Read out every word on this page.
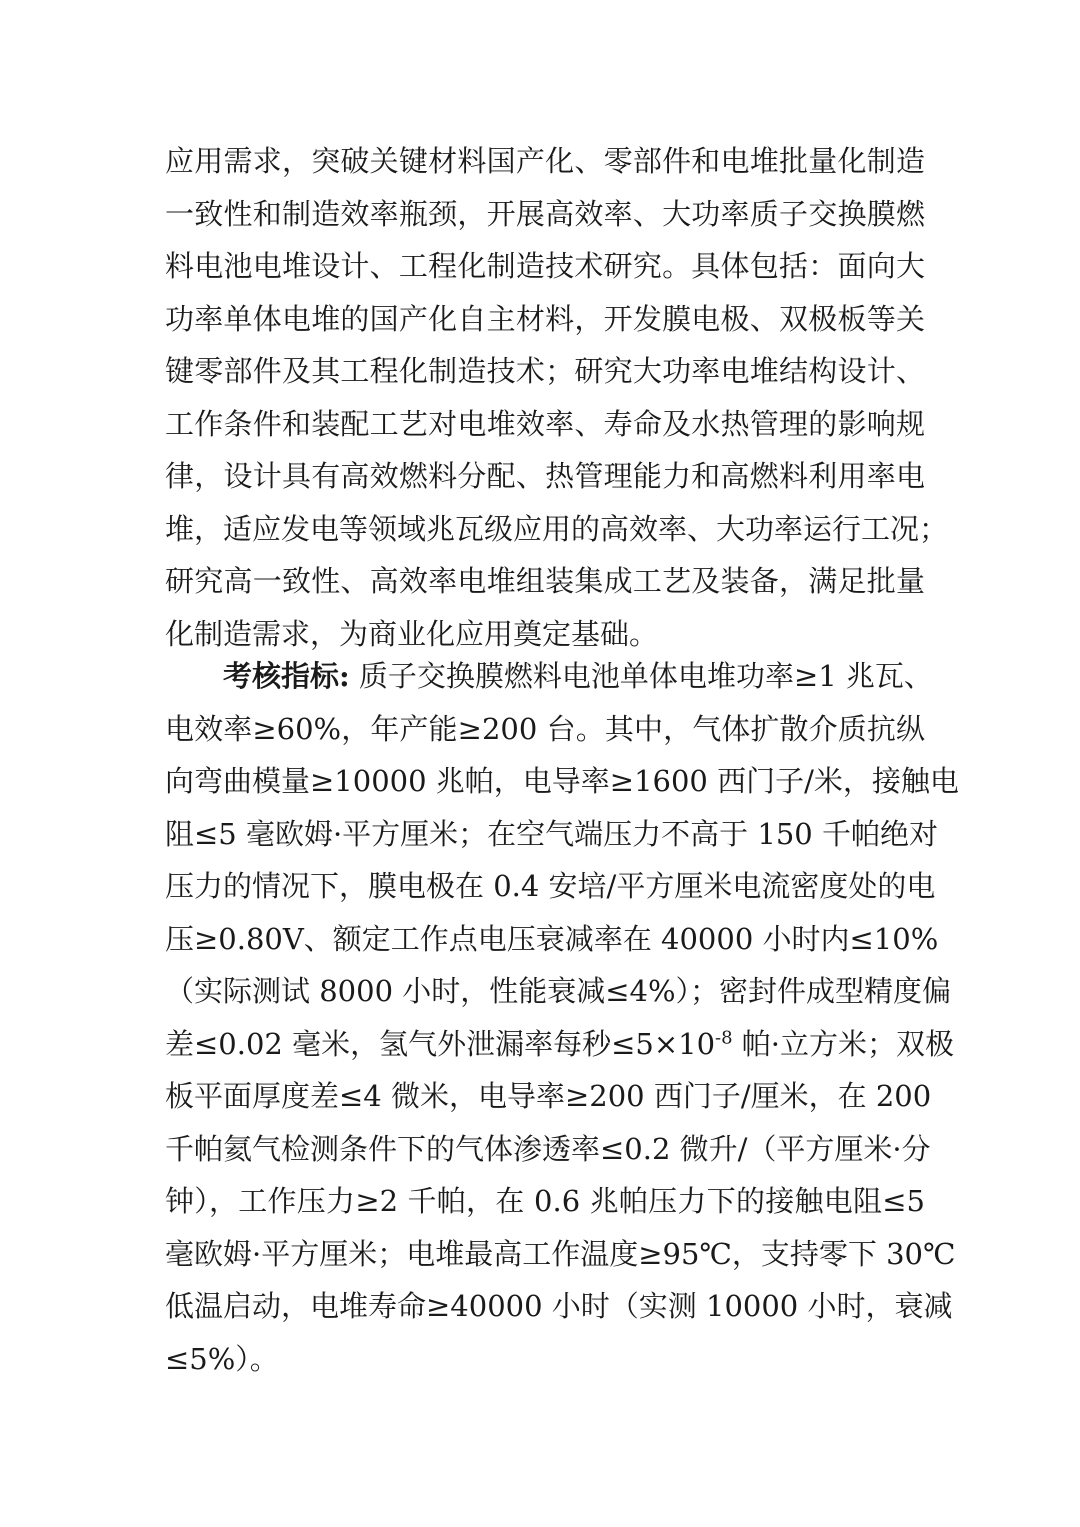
应用需求，突破关键材料国产化、零部件和电堆批量化制造
一致性和制造效率瓶颈，开展高效率、大功率质子交换膜燃
料电池电堆设计、工程化制造技术研究。具体包括：面向大
功率单体电堆的国产化自主材料，开发膜电极、双极板等关
键零部件及其工程化制造技术；研究大功率电堆结构设计、
工作条件和装配工艺对电堆效率、寿命及水热管理的影响规
律，设计具有高效燃料分配、热管理能力和高燃料利用率电
堆，适应发电等领域兆瓦级应用的高效率、大功率运行工况；
研究高一致性、高效率电堆组装集成工艺及装备，满足批量
化制造需求，为商业化应用奠定基础。
考核指标: 质子交换膜燃料电池单体电堆功率≥1 兆瓦、
电效率≥60%，年产能≥200 台。其中，气体扩散介质抗纵
向弯曲模量≥10000 兆帕，电导率≥1600 西门子/米，接触电
阻≤5 毫欧姆·平方厘米；在空气端压力不高于 150 千帕绝对
压力的情况下，膜电极在 0.4 安培/平方厘米电流密度处的电
压≥0.80V、额定工作点电压衰减率在 40000 小时内≤10%
（实际测试 8000 小时，性能衰减≤4%）；密封件成型精度偏
差≤0.02 毫米，氢气外泄漏率每秒$\le 5\times 10^{-8}$ 帕·立方米；双极
板平面厚度差≤4 微米，电导率≥200 西门子/厘米，在 200
千帕氦气检测条件下的气体渗透率≤0.2 微升/（平方厘米·分
钟），工作压力≥2 千帕，在 0.6 兆帕压力下的接触电阻≤5
毫欧姆·平方厘米；电堆最高工作温度≥95℃，支持零下 30℃
低温启动，电堆寿命≥40000 小时（实测 10000 小时，衰减
≤5%）。
